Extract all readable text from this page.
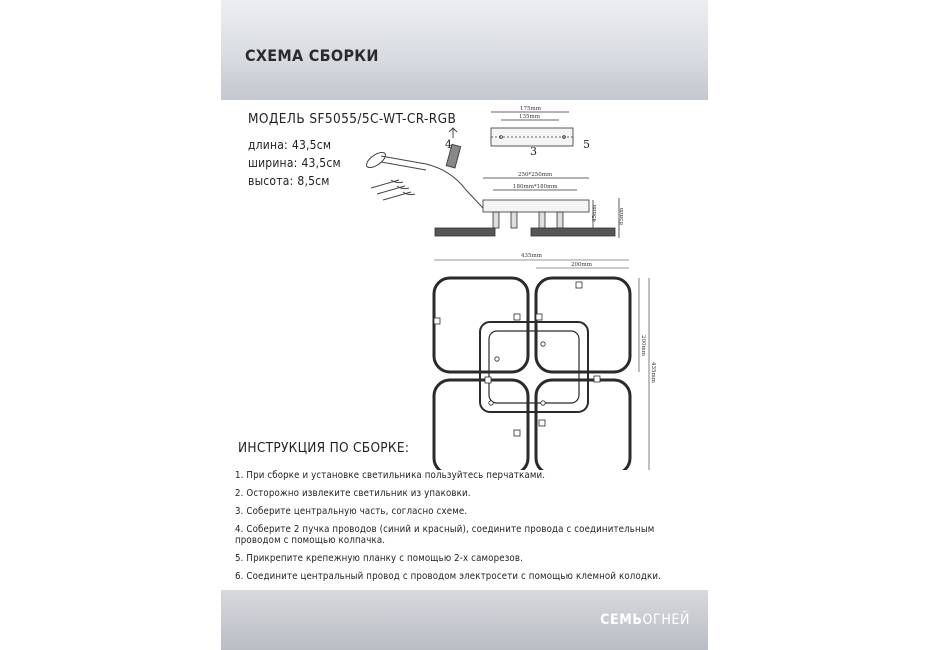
СХЕМА СБОРКИ
МОДЕЛЬ SF5055/5C-WT-CR-RGB
длина: 43,5см
ширина: 43,5см
высота: 8,5см
175mm
135mm
250*250mm
180mm*180mm
45mm	85mm
4
3
5
435mm
200mm
200mm
435mm
ИНСТРУКЦИЯ ПО СБОРКЕ:
1. При сборке и установке светильника пользуйтесь перчатками.
2. Осторожно извлеките светильник из упаковки.
3. Соберите центральную часть, согласно схеме.
4. Соберите 2 пучка проводов (синий и красный), соедините провода с соединительным проводом с помощью колпачка.
5. Прикрепите крепежную планку с помощью 2-х саморезов.
6. Соедините центральный провод с проводом электросети с помощью клемной колодки.
СЕМЬОГНЕЙ
